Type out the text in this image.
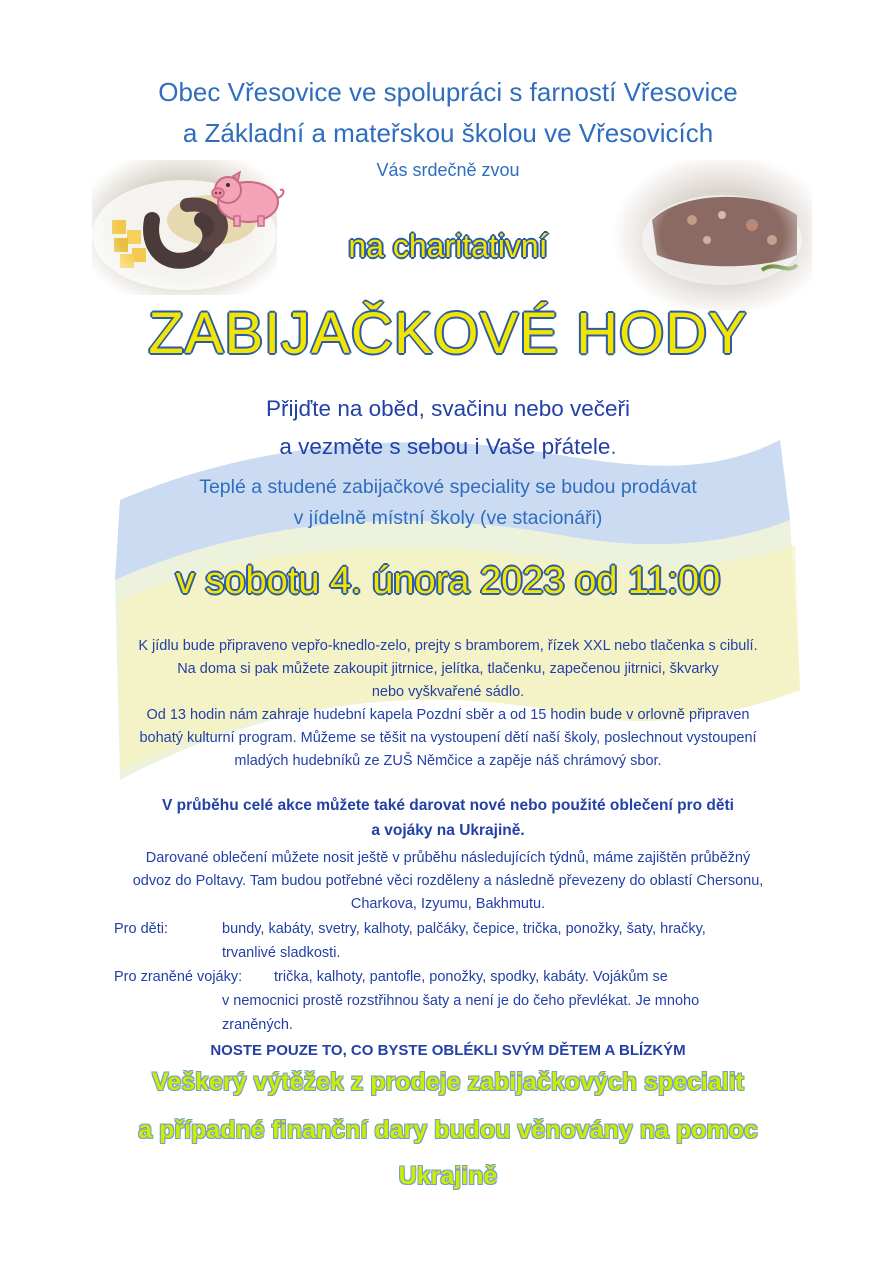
Obec Vřesovice ve spolupráci s farností Vřesovice
a Základní a mateřskou školou ve Vřesovicích
Vás srdečně zvou
na charitativní
ZABIJAČKOVÉ HODY
Přijďte na oběd, svačinu nebo večeři
a vezměte s sebou i Vaše přátele.
Teplé a studené zabijačkové speciality se budou prodávat
v jídelně místní školy (ve stacionáři)
v sobotu 4. února 2023 od 11:00
K jídlu bude připraveno vepřo-knedlo-zelo, prejty s bramborem, řízek XXL nebo tlačenka s cibulí.
Na doma si pak můžete zakoupit jitrnice, jelítka, tlačenku, zapečenou jitrnici, škvarky
nebo vyškvařené sádlo.
Od 13 hodin nám zahraje hudební kapela Pozdní sběr a od 15 hodin bude v orlovně připraven
bohatý kulturní program. Můžeme se těšit na vystoupení dětí naší školy, poslechnout vystoupení
mladých hudebníků ze ZUŠ Němčice a zapěje náš chrámový sbor.
V průběhu celé akce můžete také darovat nové nebo použité oblečení pro děti
a vojáky na Ukrajině.
Darované oblečení můžete nosit ještě v průběhu následujících týdnů, máme zajištěn průběžný
odvoz do Poltavy. Tam budou potřebné věci rozděleny a následně převezeny do oblastí Chersonu,
Charkova, Izyumu, Bakhmutu.
Pro děti:	bundy, kabáty, svetry, kalhoty, palčáky, čepice, trička, ponožky, šaty, hračky,
trvanlivé sladkosti.
Pro zraněné vojáky: trička, kalhoty, pantofle, ponožky, spodky, kabáty. Vojákům se
v nemocnici prostě rozstřihnou šaty a není je do čeho převlékat. Je mnoho
zraněných.
NOSTE POUZE TO, CO BYSTE OBLÉKLI SVÝM DĚTEM A BLÍZKÝM
Veškerý výtěžek z prodeje zabijačkových specialit
a případné finanční dary budou věnovány na pomoc
Ukrajině
